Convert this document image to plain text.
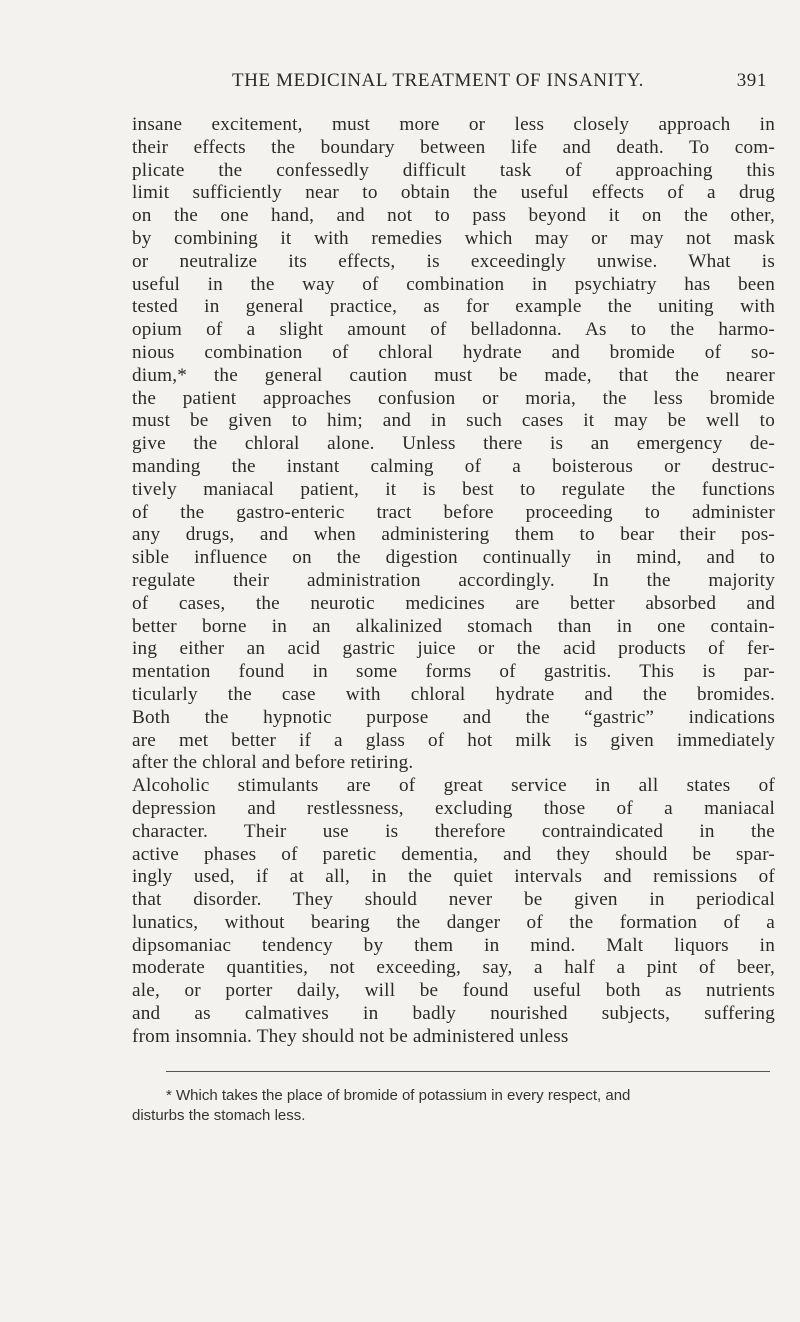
THE MEDICINAL TREATMENT OF INSANITY.	391
insane excitement, must more or less closely approach in
their effects the boundary between life and death. To com-
plicate the confessedly difficult task of approaching this
limit sufficiently near to obtain the useful effects of a drug
on the one hand, and not to pass beyond it on the other,
by combining it with remedies which may or may not mask
or neutralize its effects, is exceedingly unwise. What is
useful in the way of combination in psychiatry has been
tested in general practice, as for example the uniting with
opium of a slight amount of belladonna. As to the harmo-
nious combination of chloral hydrate and bromide of so-
dium,* the general caution must be made, that the nearer
the patient approaches confusion or moria, the less bromide
must be given to him; and in such cases it may be well to
give the chloral alone. Unless there is an emergency de-
manding the instant calming of a boisterous or destruc-
tively maniacal patient, it is best to regulate the functions
of the gastro-enteric tract before proceeding to administer
any drugs, and when administering them to bear their pos-
sible influence on the digestion continually in mind, and to
regulate their administration accordingly. In the majority
of cases, the neurotic medicines are better absorbed and
better borne in an alkalinized stomach than in one contain-
ing either an acid gastric juice or the acid products of fer-
mentation found in some forms of gastritis. This is par-
ticularly the case with chloral hydrate and the bromides.
Both the hypnotic purpose and the “gastric” indications
are met better if a glass of hot milk is given immediately
after the chloral and before retiring.
Alcoholic stimulants are of great service in all states of
depression and restlessness, excluding those of a maniacal
character. Their use is therefore contraindicated in the
active phases of paretic dementia, and they should be spar-
ingly used, if at all, in the quiet intervals and remissions of
that disorder. They should never be given in periodical
lunatics, without bearing the danger of the formation of a
dipsomaniac tendency by them in mind. Malt liquors in
moderate quantities, not exceeding, say, a half a pint of beer,
ale, or porter daily, will be found useful both as nutrients
and as calmatives in badly nourished subjects, suffering
from insomnia. They should not be administered unless
* Which takes the place of bromide of potassium in every respect, and
disturbs the stomach less.
